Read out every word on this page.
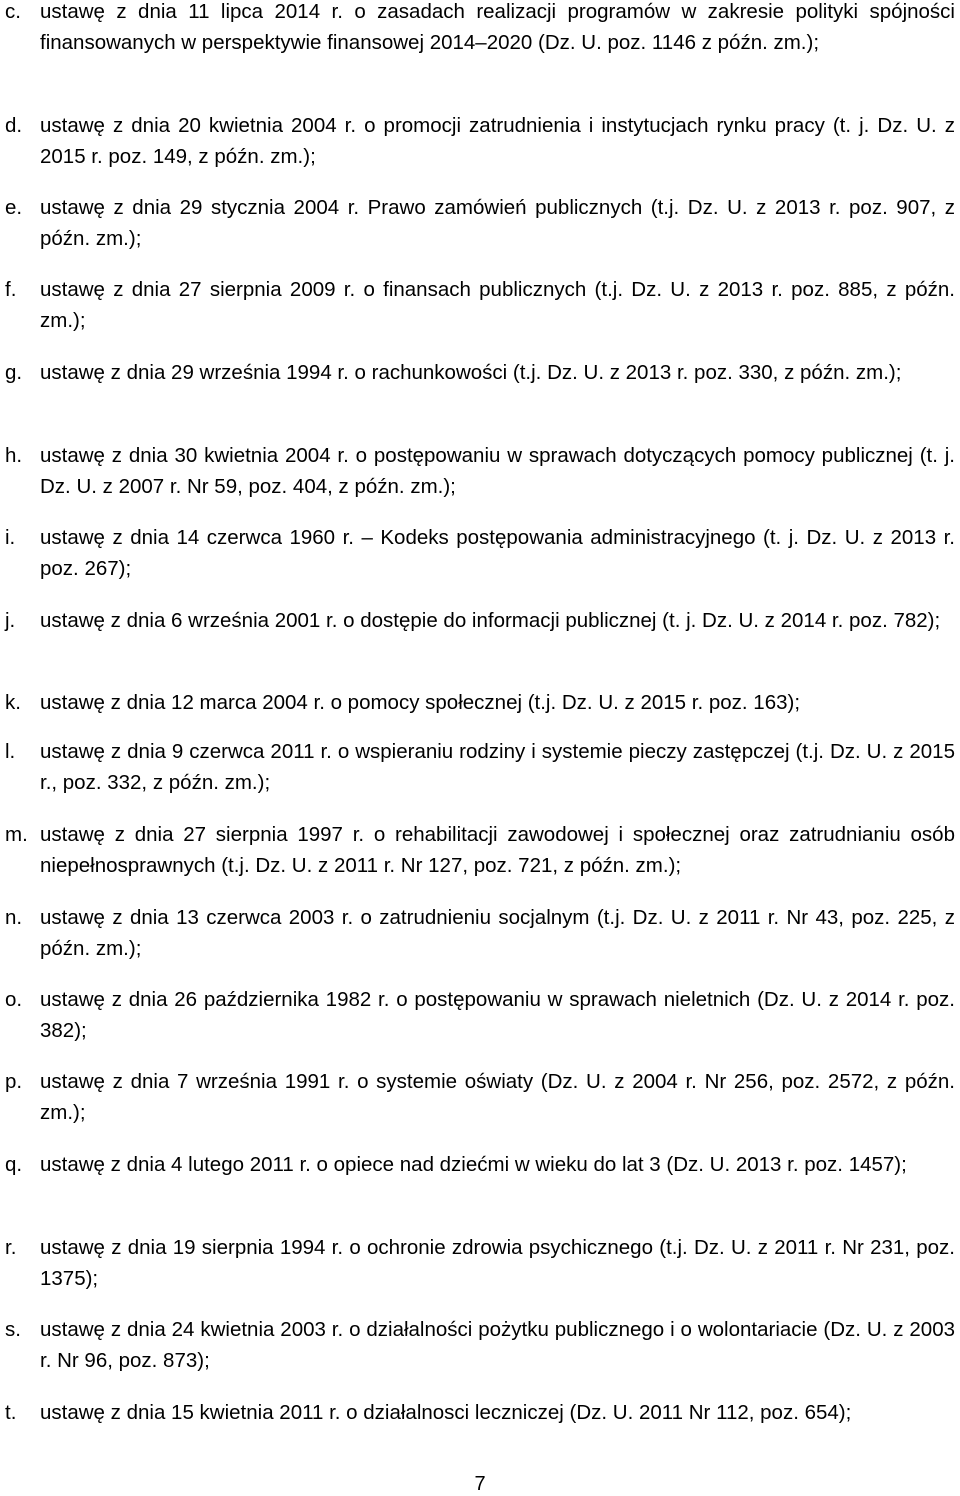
c. ustawę z dnia 11 lipca 2014 r. o zasadach realizacji programów w zakresie polityki spójności finansowanych w perspektywie finansowej 2014–2020 (Dz. U. poz. 1146 z późn. zm.);
d. ustawę z dnia 20 kwietnia 2004 r. o promocji zatrudnienia i instytucjach rynku pracy (t. j. Dz. U. z 2015 r. poz. 149, z późn. zm.);
e. ustawę z dnia 29 stycznia 2004 r. Prawo zamówień publicznych (t.j. Dz. U. z 2013 r. poz. 907, z późn. zm.);
f. ustawę z dnia 27 sierpnia 2009 r. o finansach publicznych (t.j. Dz. U. z 2013 r. poz. 885, z późn. zm.);
g. ustawę z dnia 29 września 1994 r. o rachunkowości (t.j. Dz. U. z 2013 r. poz. 330, z późn. zm.);
h. ustawę z dnia 30 kwietnia 2004 r. o postępowaniu w sprawach dotyczących pomocy publicznej (t. j. Dz. U. z 2007 r. Nr 59, poz. 404, z późn. zm.);
i. ustawę z dnia 14 czerwca 1960 r. – Kodeks postępowania administracyjnego (t. j. Dz. U. z 2013 r. poz. 267);
j. ustawę z dnia 6 września 2001 r. o dostępie do informacji publicznej (t. j. Dz. U. z 2014 r. poz. 782);
k. ustawę z dnia 12 marca 2004 r. o pomocy społecznej (t.j. Dz. U. z 2015 r. poz. 163);
l. ustawę z dnia 9 czerwca 2011 r. o wspieraniu rodziny i systemie pieczy zastępczej (t.j. Dz. U. z 2015 r., poz. 332, z późn. zm.);
m. ustawę z dnia 27 sierpnia 1997 r. o rehabilitacji zawodowej i społecznej oraz zatrudnianiu osób niepełnosprawnych (t.j. Dz. U. z 2011 r. Nr 127, poz. 721, z późn. zm.);
n. ustawę z dnia 13 czerwca 2003 r. o zatrudnieniu socjalnym (t.j. Dz. U. z 2011 r. Nr 43, poz. 225, z późn. zm.);
o. ustawę z dnia 26 października 1982 r. o postępowaniu w sprawach nieletnich (Dz. U. z 2014 r. poz. 382);
p. ustawę z dnia 7 września 1991 r. o systemie oświaty (Dz. U. z 2004 r. Nr 256, poz. 2572, z późn. zm.);
q. ustawę z dnia 4 lutego 2011 r. o opiece nad dziećmi w wieku do lat 3 (Dz. U. 2013 r. poz. 1457);
r. ustawę z dnia 19 sierpnia 1994 r. o ochronie zdrowia psychicznego (t.j. Dz. U. z 2011 r. Nr 231, poz. 1375);
s. ustawę z dnia 24 kwietnia 2003 r. o działalności pożytku publicznego i o wolontariacie (Dz. U. z 2003 r. Nr 96, poz. 873);
t. ustawę z dnia 15 kwietnia 2011 r. o działalnosci leczniczej (Dz. U. 2011 Nr 112, poz. 654);
7
